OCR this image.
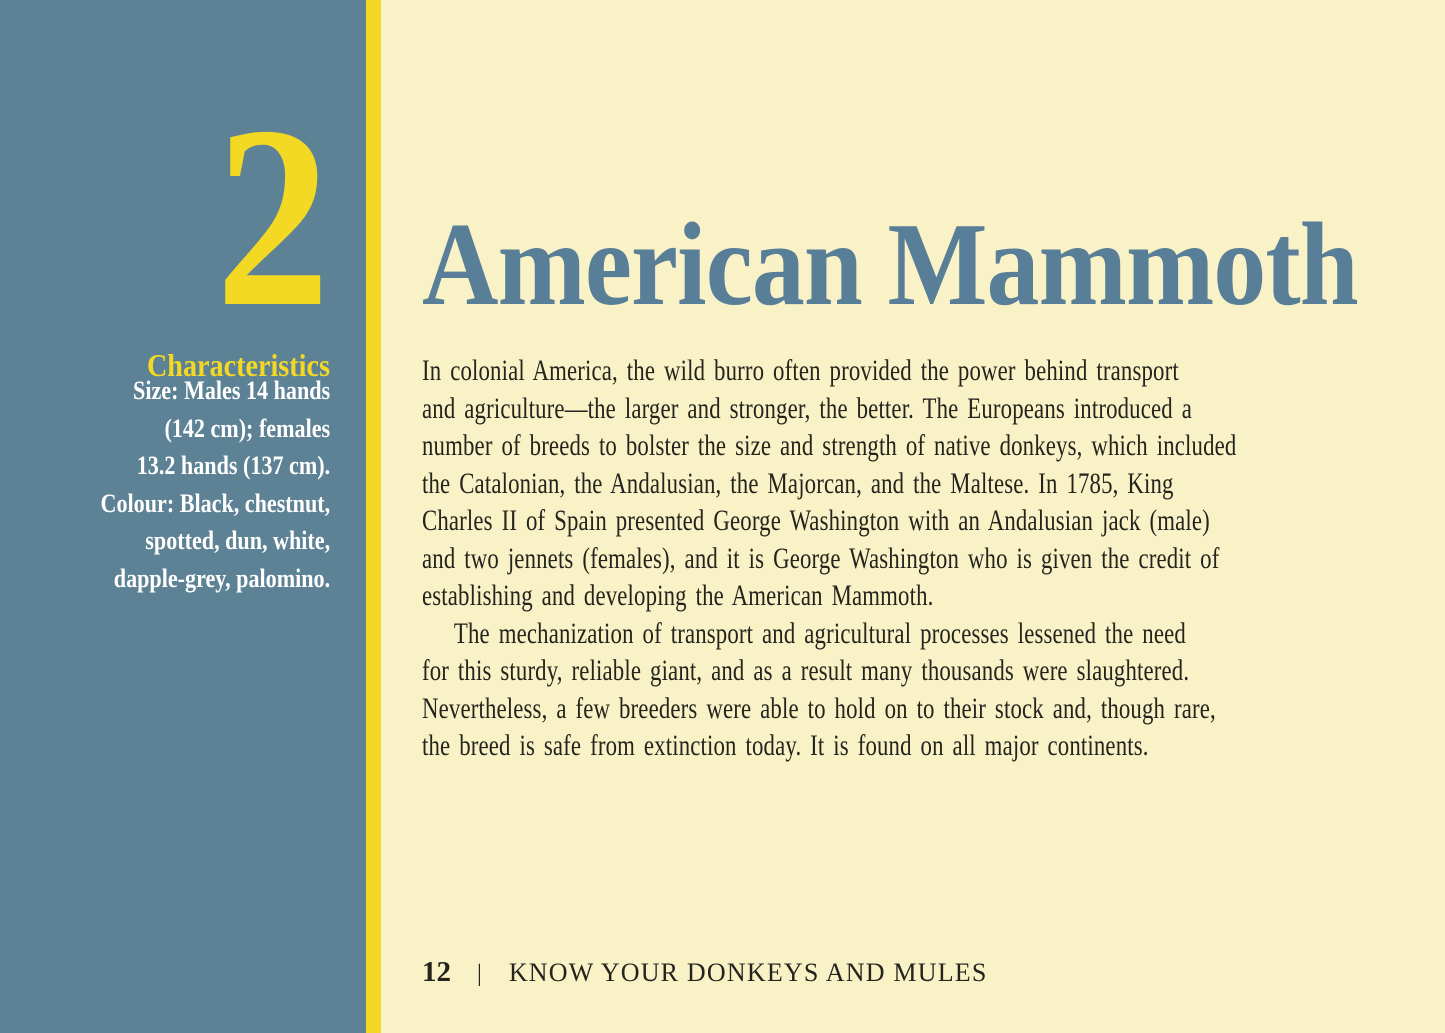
2
Characteristics
Size: Males 14 hands
(142 cm); females
13.2 hands (137 cm).
Colour: Black, chestnut,
spotted, dun, white,
dapple-grey, palomino.
American Mammoth
In colonial America, the wild burro often provided the power behind transport
and agriculture—the larger and stronger, the better. The Europeans introduced a
number of breeds to bolster the size and strength of native donkeys, which included
the Catalonian, the Andalusian, the Majorcan, and the Maltese. In 1785, King
Charles II of Spain presented George Washington with an Andalusian jack (male)
and two jennets (females), and it is George Washington who is given the credit of
establishing and developing the American Mammoth.
The mechanization of transport and agricultural processes lessened the need
for this sturdy, reliable giant, and as a result many thousands were slaughtered.
Nevertheless, a few breeders were able to hold on to their stock and, though rare,
the breed is safe from extinction today. It is found on all major continents.
12 | KNOW YOUR DONKEYS AND MULES
